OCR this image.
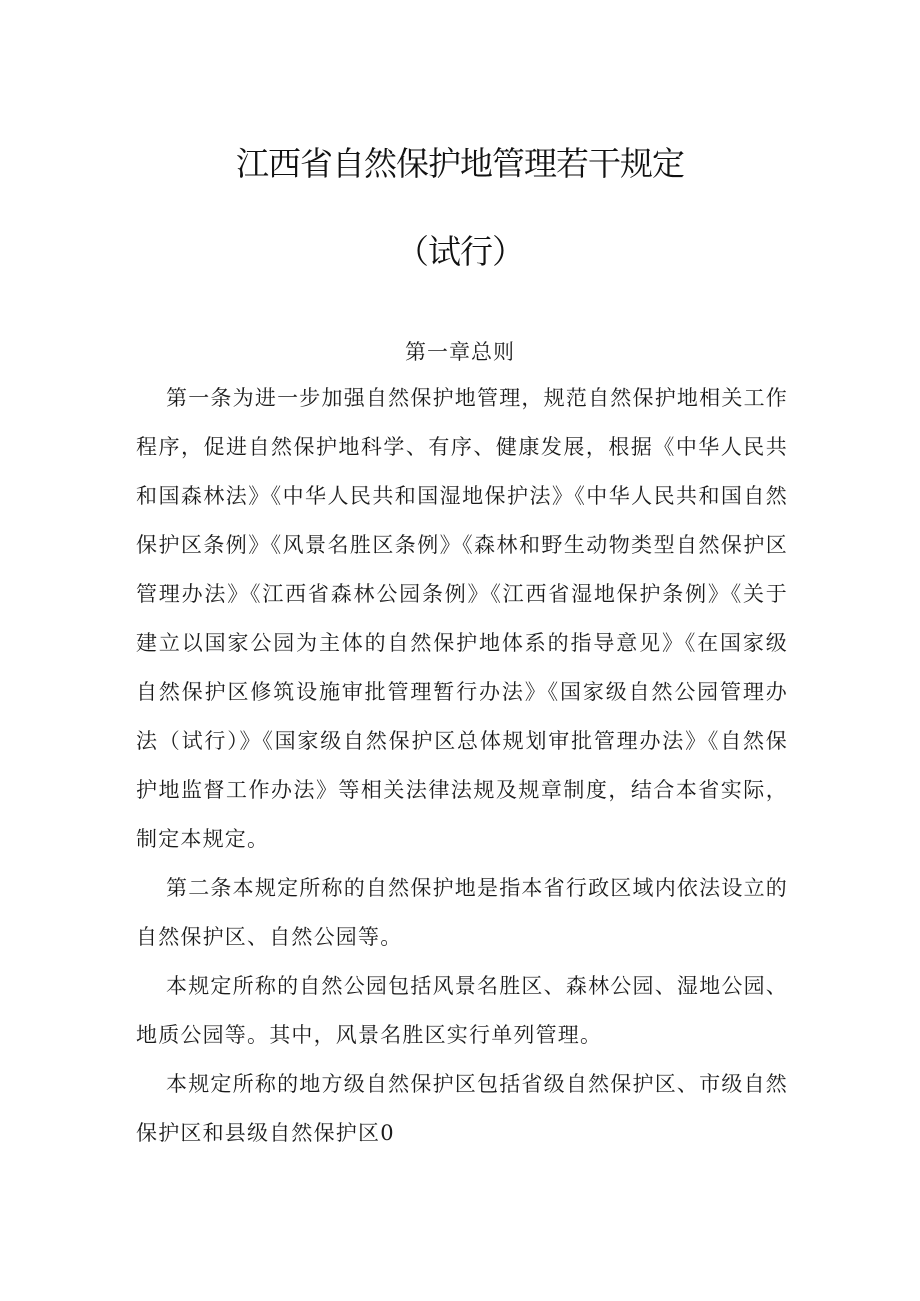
江西省自然保护地管理若干规定
（试行）
第一章总则

第一条为进一步加强自然保护地管理，规范自然保护地相关工作程序，促进自然保护地科学、有序、健康发展，根据《中华人民共和国森林法》《中华人民共和国湿地保护法》《中华人民共和国自然保护区条例》《风景名胜区条例》《森林和野生动物类型自然保护区管理办法》《江西省森林公园条例》《江西省湿地保护条例》《关于建立以国家公园为主体的自然保护地体系的指导意见》《在国家级自然保护区修筑设施审批管理暂行办法》《国家级自然公园管理办法（试行）》《国家级自然保护区总体规划审批管理办法》《自然保护地监督工作办法》等相关法律法规及规章制度，结合本省实际，制定本规定。

第二条本规定所称的自然保护地是指本省行政区域内依法设立的自然保护区、自然公园等。

本规定所称的自然公园包括风景名胜区、森林公园、湿地公园、地质公园等。其中，风景名胜区实行单列管理。

本规定所称的地方级自然保护区包括省级自然保护区、市级自然保护区和县级自然保护区0
